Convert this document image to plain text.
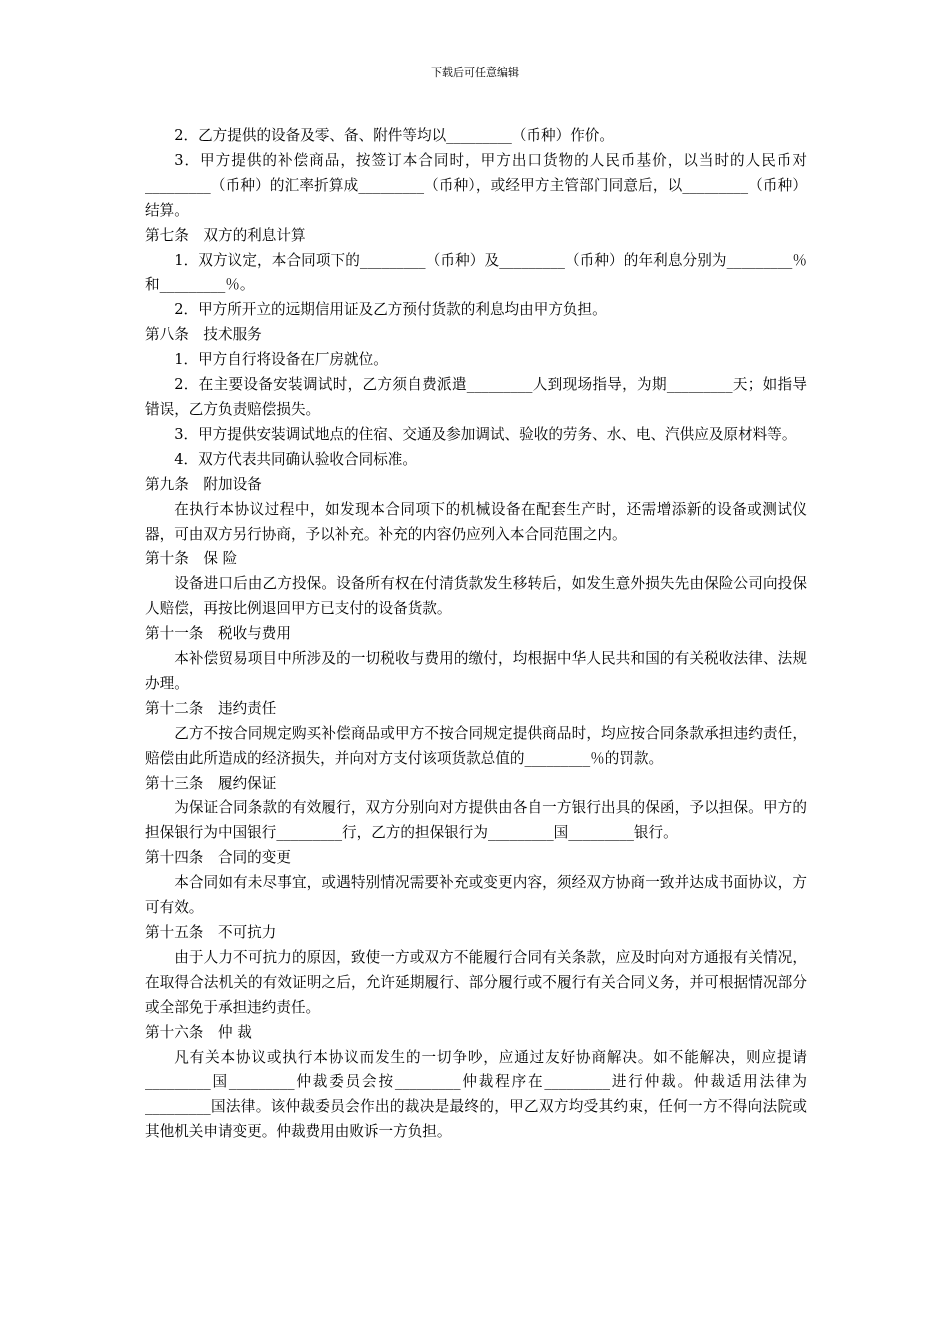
下载后可任意编辑

2．乙方提供的设备及零、备、附件等均以_________（币种）作价。

3．甲方提供的补偿商品，按签订本合同时，甲方出口货物的人民币基价，以当时的人民币对_________（币种）的汇率折算成_________（币种），或经甲方主管部门同意后，以_________（币种）结算。

第七条　双方的利息计算

1．双方议定，本合同项下的_________（币种）及_________（币种）的年利息分别为_________％和_________％。

2．甲方所开立的远期信用证及乙方预付货款的利息均由甲方负担。

第八条　技术服务

1．甲方自行将设备在厂房就位。

2．在主要设备安装调试时，乙方须自费派遣_________人到现场指导，为期_________天；如指导错误，乙方负责赔偿损失。

3．甲方提供安装调试地点的住宿、交通及参加调试、验收的劳务、水、电、汽供应及原材料等。

4．双方代表共同确认验收合同标准。

第九条　附加设备

在执行本协议过程中，如发现本合同项下的机械设备在配套生产时，还需增添新的设备或测试仪器，可由双方另行协商，予以补充。补充的内容仍应列入本合同范围之内。

第十条　保 险

设备进口后由乙方投保。设备所有权在付清货款发生移转后，如发生意外损失先由保险公司向投保人赔偿，再按比例退回甲方已支付的设备货款。

第十一条　税收与费用

本补偿贸易项目中所涉及的一切税收与费用的缴付，均根据中华人民共和国的有关税收法律、法规办理。

第十二条　违约责任

乙方不按合同规定购买补偿商品或甲方不按合同规定提供商品时，均应按合同条款承担违约责任，赔偿由此所造成的经济损失，并向对方支付该项货款总值的_________％的罚款。

第十三条　履约保证

为保证合同条款的有效履行，双方分别向对方提供由各自一方银行出具的保函，予以担保。甲方的担保银行为中国银行_________行，乙方的担保银行为_________国_________银行。

第十四条　合同的变更

本合同如有未尽事宜，或遇特别情况需要补充或变更内容，须经双方协商一致并达成书面协议，方可有效。

第十五条　不可抗力

由于人力不可抗力的原因，致使一方或双方不能履行合同有关条款，应及时向对方通报有关情况，在取得合法机关的有效证明之后，允许延期履行、部分履行或不履行有关合同义务，并可根据情况部分或全部免于承担违约责任。

第十六条　仲 裁

凡有关本协议或执行本协议而发生的一切争吵，应通过友好协商解决。如不能解决，则应提请_________国_________仲裁委员会按_________仲裁程序在_________进行仲裁。仲裁适用法律为_________国法律。该仲裁委员会作出的裁决是最终的，甲乙双方均受其约束，任何一方不得向法院或其他机关申请变更。仲裁费用由败诉一方负担。
